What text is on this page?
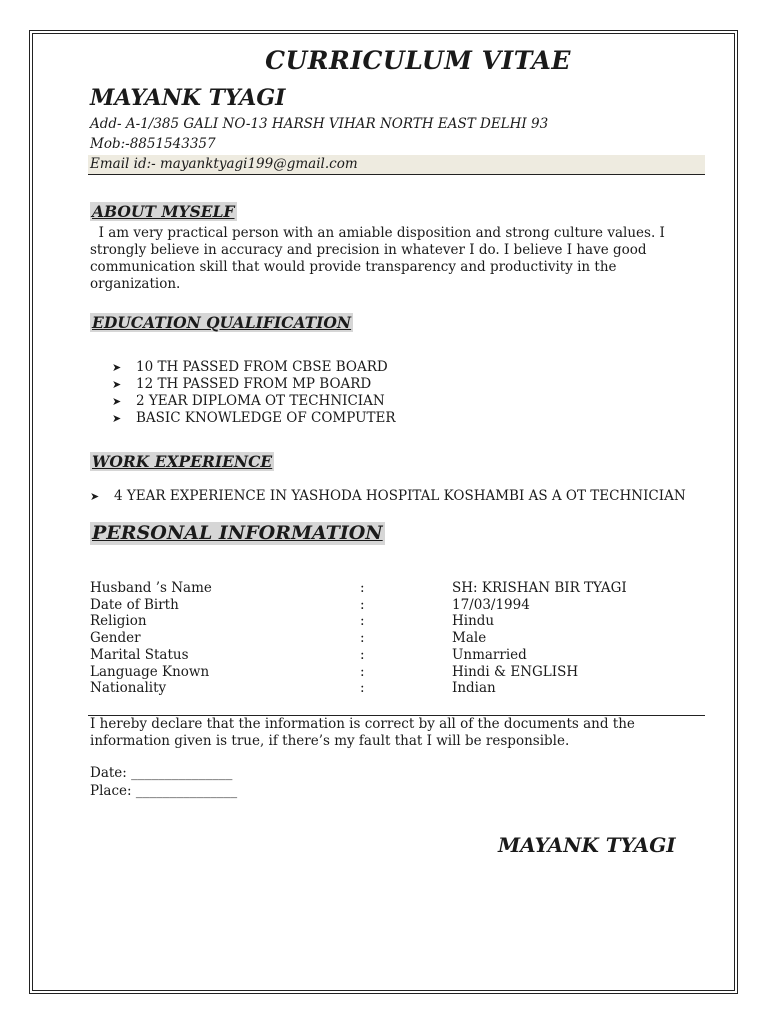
CURRICULUM VITAE
MAYANK TYAGI
Add- A-1/385 GALI NO-13 HARSH VIHAR NORTH EAST DELHI 93
Mob:-8851543357
Email id:- mayanktyagi199@gmail.com
ABOUT MYSELF
I am very practical person with an amiable disposition and strong culture values. I strongly believe in accuracy and precision in whatever I do. I believe I have good communication skill that would provide transparency and productivity in the organization.
EDUCATION QUALIFICATION
➤ 10 TH PASSED FROM CBSE BOARD
➤ 12 TH PASSED FROM MP BOARD
➤ 2 YEAR DIPLOMA OT TECHNICIAN
➤ BASIC KNOWLEDGE OF COMPUTER
WORK EXPERIENCE
➤ 4 YEAR EXPERIENCE IN YASHODA HOSPITAL KOSHAMBI AS A OT TECHNICIAN
PERSONAL INFORMATION
Husband ’s Name	:	SH: KRISHAN BIR TYAGI
Date of Birth	:	17/03/1994
Religion	:	Hindu
Gender	:	Male
Marital Status	:	Unmarried
Language Known	:	Hindi & ENGLISH
Nationality	:	Indian
I hereby declare that the information is correct by all of the documents and the information given is true, if there’s my fault that I will be responsible.
Date: _______________
Place: _______________
MAYANK TYAGI
